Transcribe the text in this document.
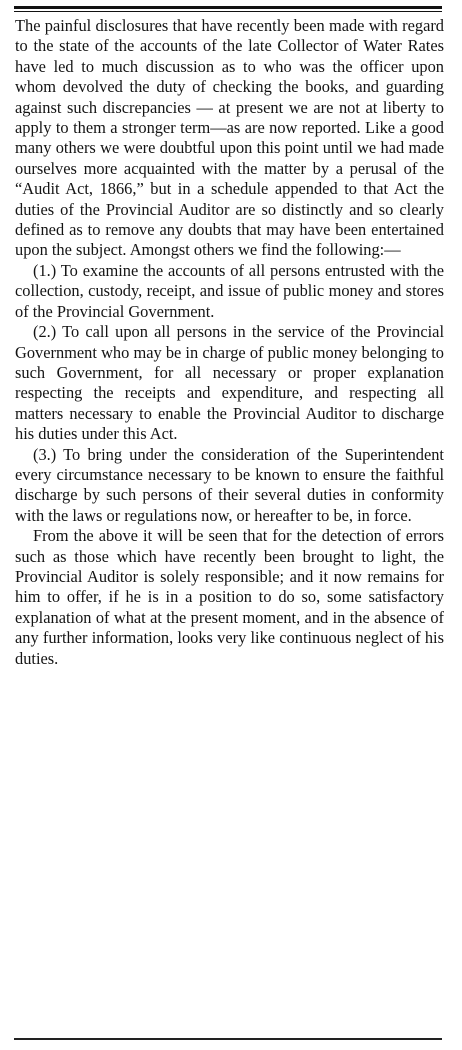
The painful disclosures that have recently been made with regard to the state of the accounts of the late Collector of Water Rates have led to much discussion as to who was the officer upon whom devolved the duty of checking the books, and guarding against such discrepancies — at present we are not at liberty to apply to them a stronger term—as are now reported. Like a good many others we were doubtful upon this point until we had made ourselves more acquainted with the matter by a perusal of the “Audit Act, 1866,” but in a schedule appended to that Act the duties of the Provincial Auditor are so distinctly and so clearly defined as to remove any doubts that may have been entertained upon the subject. Amongst others we find the following:—

(1.) To examine the accounts of all persons entrusted with the collection, custody, receipt, and issue of public money and stores of the Provincial Government.

(2.) To call upon all persons in the service of the Provincial Government who may be in charge of public money belonging to such Government, for all necessary or proper explanation respecting the receipts and expenditure, and respecting all matters necessary to enable the Provincial Auditor to discharge his duties under this Act.

(3.) To bring under the consideration of the Superintendent every circumstance necessary to be known to ensure the faithful discharge by such persons of their several duties in conformity with the laws or regulations now, or hereafter to be, in force.

From the above it will be seen that for the detection of errors such as those which have recently been brought to light, the Provincial Auditor is solely responsible; and it now remains for him to offer, if he is in a position to do so, some satisfactory explanation of what at the present moment, and in the absence of any further information, looks very like continuous neglect of his duties.
